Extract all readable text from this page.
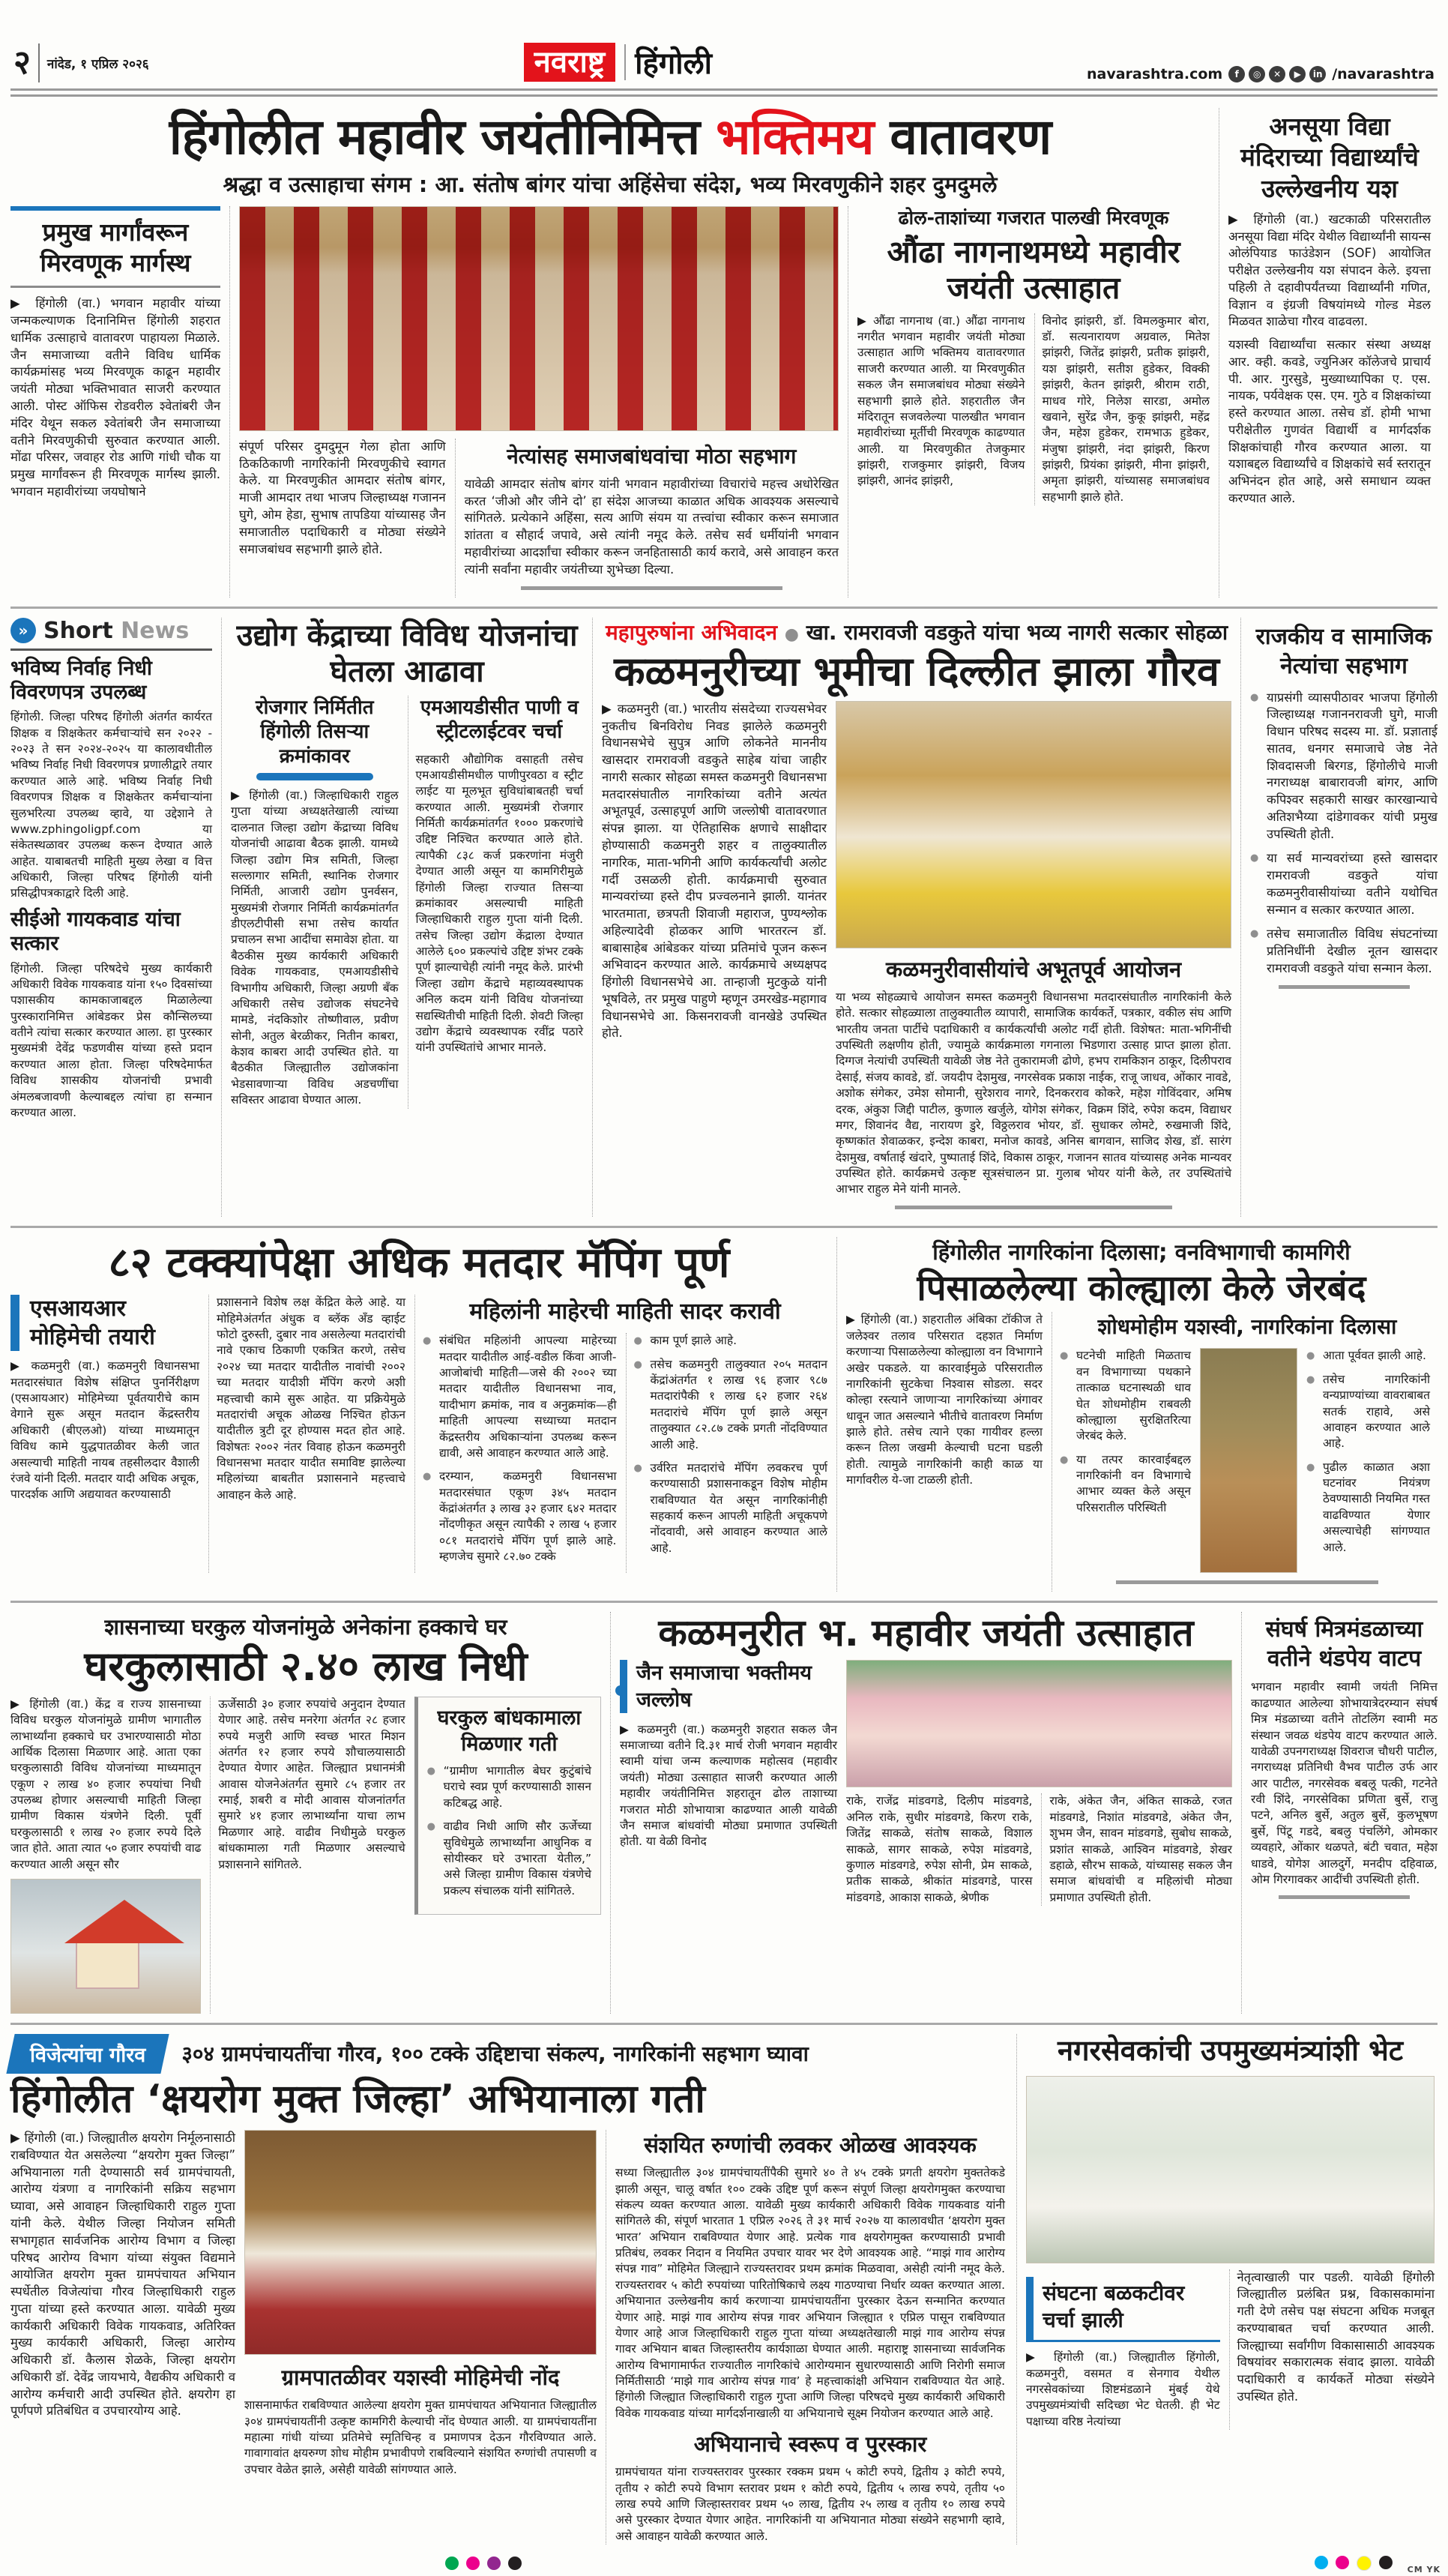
२ नांदेड, १ एप्रिल २०२६	नवराष्ट्र	हिंगोली	navarashtra.com	f	◎	✕	▶	in /navarashtra
हिंगोलीत महावीर जयंतीनिमित्त भक्तिमय वातावरण
श्रद्धा व उत्साहाचा संगम : आ. संतोष बांगर यांचा अहिंसेचा संदेश, भव्य मिरवणुकीने शहर दुमदुमले
प्रमुख मार्गांवरून मिरवणूक मार्गस्थ
▶ हिंगोली (वा.) भगवान महावीर यांच्या जन्मकल्याणक दिनानिमित्त हिंगोली शहरात धार्मिक उत्साहाचे वातावरण पाहायला मिळाले. जैन समाजाच्या वतीने विविध धार्मिक कार्यक्रमांसह भव्य मिरवणूक काढून महावीर जयंती मोठ्या भक्तिभावात साजरी करण्यात आली. पोस्ट ऑफिस रोडवरील श्वेतांबरी जैन मंदिर येथून सकल श्वेतांबरी जैन समाजाच्या वतीने मिरवणुकीची सुरुवात करण्यात आली. मोंढा परिसर, जवाहर रोड आणि गांधी चौक या प्रमुख मार्गांवरून ही मिरवणूक मार्गस्थ झाली. भगवान महावीरांच्या जयघोषाने
संपूर्ण परिसर दुमदुमून गेला होता आणि ठिकठिकाणी नागरिकांनी मिरवणुकीचे स्वागत केले. या मिरवणुकीत आमदार संतोष बांगर, माजी आमदार तथा भाजप जिल्हाध्यक्ष गजानन घुगे, ओम हेडा, सुभाष तापडिया यांच्यासह जैन समाजातील पदाधिकारी व मोठ्या संख्येने समाजबांधव सहभागी झाले होते.
नेत्यांसह समाजबांधवांचा मोठा सहभाग
यावेळी आमदार संतोष बांगर यांनी भगवान महावीरांच्या विचारांचे महत्त्व अधोरेखित करत ‘जीओ और जीने दो’ हा संदेश आजच्या काळात अधिक आवश्यक असल्याचे सांगितले. प्रत्येकाने अहिंसा, सत्य आणि संयम या तत्त्वांचा स्वीकार करून समाजात शांतता व सौहार्द जपावे, असे त्यांनी नमूद केले. तसेच सर्व धर्मीयांनी भगवान महावीरांच्या आदर्शांचा स्वीकार करून जनहितासाठी कार्य करावे, असे आवाहन करत त्यांनी सर्वांना महावीर जयंतीच्या शुभेच्छा दिल्या.
ढोल-ताशांच्या गजरात पालखी मिरवणूक
औंढा नागनाथमध्ये महावीर जयंती उत्साहात
▶ औंढा नागनाथ (वा.) औंढा नागनाथ नगरीत भगवान महावीर जयंती मोठ्या उत्साहात आणि भक्तिमय वातावरणात साजरी करण्यात आली. या मिरवणुकीत सकल जैन समाजबांधव मोठ्या संख्येने सहभागी झाले होते. शहरातील जैन मंदिरातून सजवलेल्या पालखीत भगवान महावीरांच्या मूर्तीची मिरवणूक काढण्यात आली. या मिरवणुकीत तेजकुमार झांझरी, राजकुमार झांझरी, विजय झांझरी, आनंद झांझरी,
विनोद झांझरी, डॉ. विमलकुमार बोरा, डॉ. सत्यनारायण अग्रवाल, मितेश झांझरी, जितेंद्र झांझरी, प्रतीक झांझरी, यश झांझरी, सतीश हुडेकर, विक्की झांझरी, केतन झांझरी, श्रीराम राठी, माधव गोरे, निलेश सारडा, अमोल खवाने, सुरेंद्र जैन, कुकू झांझरी, महेंद्र जैन, महेश हुडेकर, रामभाऊ हुडेकर, मंजुषा झांझरी, नंदा झांझरी, किरण झांझरी, प्रियंका झांझरी, मीना झांझरी, अमृता झांझरी, यांच्यासह समाजबांधव सहभागी झाले होते.
अनसूया विद्या मंदिराच्या विद्यार्थ्यांचे उल्लेखनीय यश

▶ हिंगोली (वा.) खटकाळी परिसरातील अनसूया विद्या मंदिर येथील विद्यार्थ्यांनी सायन्स ओलंपियाड फाउंडेशन (SOF) आयोजित परीक्षेत उल्लेखनीय यश संपादन केले. इयत्ता पहिली ते दहावीपर्यंतच्या विद्यार्थ्यांनी गणित, विज्ञान व इंग्रजी विषयांमध्ये गोल्ड मेडल मिळवत शाळेचा गौरव वाढवला.

यशस्वी विद्यार्थ्यांचा सत्कार संस्था अध्यक्ष आर. क्ही. कवडे, ज्युनिअर कॉलेजचे प्राचार्य पी. आर. गुरसुडे, मुख्याध्यापिका ए. एस. नायक, पर्यवेक्षक एस. एम. गुठे व शिक्षकांच्या हस्ते करण्यात आला. तसेच डॉ. होमी भाभा परीक्षेतील गुणवंत विद्यार्थी व मार्गदर्शक शिक्षकांचाही गौरव करण्यात आला. या यशाबद्दल विद्यार्थ्यांचे व शिक्षकांचे सर्व स्तरातून अभिनंदन होत आहे, असे समाधान व्यक्त करण्यात आले.

» Short News
भविष्य निर्वाह निधी विवरणपत्र उपलब्ध
हिंगोली. जिल्हा परिषद हिंगोली अंतर्गत कार्यरत शिक्षक व शिक्षकेतर कर्मचाऱ्यांचे सन २०२२ - २०२३ ते सन २०२४-२०२५ या कालावधीतील भविष्य निर्वाह निधी विवरणपत्र प्रणालीद्वारे तयार करण्यात आले आहे. भविष्य निर्वाह निधी विवरणपत्र शिक्षक व शिक्षकेतर कर्मचाऱ्यांना सुलभरित्या उपलब्ध व्हावे, या उद्देशाने ते www.zphingoligpf.com या संकेतस्थळावर उपलब्ध करून देण्यात आले आहेत. याबाबतची माहिती मुख्य लेखा व वित्त अधिकारी, जिल्हा परिषद हिंगोली यांनी प्रसिद्धीपत्रकाद्वारे दिली आहे.
सीईओ गायकवाड यांचा सत्कार
हिंगोली. जिल्हा परिषदेचे मुख्य कार्यकारी अधिकारी विवेक गायकवाड यांना १५० दिवसांच्या पशासकीय कामकाजाबद्दल मिळालेल्या पुरस्कारानिमित्त आंबेडकर प्रेस कौन्सिलच्या वतीने त्यांचा सत्कार करण्यात आला. हा पुरस्कार मुख्यमंत्री देवेंद्र फडणवीस यांच्या हस्ते प्रदान करण्यात आला होता. जिल्हा परिषदेमार्फत विविध शासकीय योजनांची प्रभावी अंमलबजावणी केल्याबद्दल त्यांचा हा सन्मान करण्यात आला.
उद्योग केंद्राच्या विविध योजनांचा घेतला आढावा
रोजगार निर्मितीत हिंगोली तिसऱ्या क्रमांकावर
▶ हिंगोली (वा.) जिल्हाधिकारी राहुल गुप्ता यांच्या अध्यक्षतेखाली त्यांच्या दालनात जिल्हा उद्योग केंद्राच्या विविध योजनांची आढावा बैठक झाली. यामध्ये जिल्हा उद्योग मित्र समिती, जिल्हा सल्लागार समिती, स्थानिक रोजगार निर्मिती, आजारी उद्योग पुनर्वसन, मुख्यमंत्री रोजगार निर्मिती कार्यक्रमांतर्गत डीएलटीपीसी सभा तसेच कार्यात प्रचालन सभा आदींचा समावेश होता. या बैठकीस मुख्य कार्यकारी अधिकारी विवेक गायकवाड, एमआयडीसीचे विभागीय अधिकारी, जिल्हा अग्रणी बँक अधिकारी तसेच उद्योजक संघटनेचे मामडे, नंदकिशोर तोष्णीवाल, प्रवीण सोनी, अतुल बेरळीकर, नितीन काबरा, केशव काबरा आदी उपस्थित होते. या बैठकीत जिल्ह्यातील उद्योजकांना भेडसावणाऱ्या विविध अडचणींचा सविस्तर आढावा घेण्यात आला.
एमआयडीसीत पाणी व स्ट्रीटलाईटवर चर्चा
सहकारी औद्योगिक वसाहती तसेच एमआयडीसीमधील पाणीपुरवठा व स्ट्रीट लाईट या मूलभूत सुविधांबाबतही चर्चा करण्यात आली. मुख्यमंत्री रोजगार निर्मिती कार्यक्रमांतर्गत १००० प्रकरणांचे उद्दिष्ट निश्चित करण्यात आले होते. त्यापैकी ८३८ कर्ज प्रकरणांना मंजुरी देण्यात आली असून या कामगिरीमुळे हिंगोली जिल्हा राज्यात तिसऱ्या क्रमांकावर असल्याची माहिती जिल्हाधिकारी राहुल गुप्ता यांनी दिली. तसेच जिल्हा उद्योग केंद्राला देण्यात आलेले ६०० प्रकल्पांचे उद्दिष्ट शंभर टक्के पूर्ण झाल्याचेही त्यांनी नमूद केले. प्रारंभी जिल्हा उद्योग केंद्राचे महाव्यवस्थापक अनिल कदम यांनी विविध योजनांच्या सद्यस्थितीची माहिती दिली. शेवटी जिल्हा उद्योग केंद्राचे व्यवस्थापक रवींद्र पठारे यांनी उपस्थितांचे आभार मानले.
महापुरुषांना अभिवादन ● खा. रामरावजी वडकुते यांचा भव्य नागरी सत्कार सोहळा
कळमनुरीच्या भूमीचा दिल्लीत झाला गौरव
▶ कळमनुरी (वा.) भारतीय संसदेच्या राज्यसभेवर नुकतीच बिनविरोध निवड झालेले कळमनुरी विधानसभेचे सुपुत्र आणि लोकनेते माननीय खासदार रामरावजी वडकुते साहेब यांचा जाहीर नागरी सत्कार सोहळा समस्त कळमनुरी विधानसभा मतदारसंघातील नागरिकांच्या वतीने अत्यंत अभूतपूर्व, उत्साहपूर्ण आणि जल्लोषी वातावरणात संपन्न झाला. या ऐतिहासिक क्षणाचे साक्षीदार होण्यासाठी कळमनुरी शहर व तालुक्यातील नागरिक, माता-भगिनी आणि कार्यकर्त्यांची अलोट गर्दी उसळली होती. कार्यक्रमाची सुरुवात मान्यवरांच्या हस्ते दीप प्रज्वलनाने झाली. यानंतर भारतमाता, छत्रपती शिवाजी महाराज, पुण्यश्लोक अहिल्यादेवी होळकर आणि भारतरत्न डॉ. बाबासाहेब आंबेडकर यांच्या प्रतिमांचे पूजन करून अभिवादन करण्यात आले. कार्यक्रमाचे अध्यक्षपद हिंगोली विधानसभेचे आ. तान्हाजी मुटकुळे यांनी भूषविले, तर प्रमुख पाहुणे म्हणून उमरखेड-महागाव विधानसभेचे आ. किसनरावजी वानखेडे उपस्थित होते.
कळमनुरीवासीयांचे अभूतपूर्व आयोजन
या भव्य सोहळ्याचे आयोजन समस्त कळमनुरी विधानसभा मतदारसंघातील नागरिकांनी केले होते. सत्कार सोहळ्याला तालुक्यातील व्यापारी, सामाजिक कार्यकर्ते, पत्रकार, वकील संघ आणि भारतीय जनता पार्टीचे पदाधिकारी व कार्यकर्त्यांची अलोट गर्दी होती. विशेषत: माता-भगिनींची उपस्थिती लक्षणीय होती, ज्यामुळे कार्यक्रमाला गगनाला भिडणारा उत्साह प्राप्त झाला होता. दिग्गज नेत्यांची उपस्थिती यावेळी जेष्ठ नेते तुकारामजी ढोणे, हभप रामकिशन ठाकूर, दिलीपराव देसाई, संजय कावडे, डॉ. जयदीप देशमुख, नगरसेवक प्रकाश नाईक, राजू जाधव, ओंकार नावडे, अशोक संगेकर, उमेश सोमानी, सुरेशराव नागरे, दिनकरराव कोकरे, महेश गोविंदवार, अमिष दरक, अंकुश जिद्दी पाटील, कुणाल खर्जुले, योगेश संगेकर, विक्रम शिंदे, रुपेश कदम, विद्याधर मगर, शिवानंद वैद्य, नारायण डुरे, विठ्ठलराव भोयर, डॉ. सुधाकर लोमटे, रुखमाजी शिंदे, कृष्णकांत शेवाळकर, इन्देश काबरा, मनोज कावडे, अनिस बागवान, साजिद शेख, डॉ. सारंग देशमुख, वर्षाताई खंदारे, पुष्पाताई शिंदे, विकास ठाकूर, गजानन सातव यांच्यासह अनेक मान्यवर उपस्थित होते. कार्यक्रमचे उत्कृष्ट सूत्रसंचालन प्रा. गुलाब भोयर यांनी केले, तर उपस्थितांचे आभार राहुल मेने यांनी मानले.
राजकीय व सामाजिक नेत्यांचा सहभाग
● याप्रसंगी व्यासपीठावर भाजपा हिंगोली जिल्हाध्यक्ष गजाननरावजी घुगे, माजी विधान परिषद सदस्य मा. डॉ. प्रज्ञाताई सातव, धनगर समाजाचे जेष्ठ नेते शिवदासजी बिरगड, हिंगोलीचे माजी नगराध्यक्ष बाबारावजी बांगर, आणि कपिश्वर सहकारी साखर कारखान्याचे अतिशभैय्या दांडेगावकर यांची प्रमुख उपस्थिती होती.
● या सर्व मान्यवरांच्या हस्ते खासदार रामरावजी वडकुते यांचा कळमनुरीवासीयांच्या वतीने यथोचित सन्मान व सत्कार करण्यात आला.
● तसेच समाजातील विविध संघटनांच्या प्रतिनिधींनी देखील नूतन खासदार रामरावजी वडकुते यांचा सन्मान केला.
८२ टक्क्यांपेक्षा अधिक मतदार मॅपिंग पूर्ण
एसआयआर मोहिमेची तयारी
▶ कळमनुरी (वा.) कळमनुरी विधानसभा मतदारसंघात विशेष संक्षिप्त पुनर्निरीक्षण (एसआयआर) मोहिमेच्या पूर्वतयारीचे काम वेगाने सुरू असून मतदान केंद्रस्तरीय अधिकारी (बीएलओ) यांच्या माध्यमातून विविध कामे युद्धपातळीवर केली जात असल्याची माहिती नायब तहसीलदार वैशाली रंजवे यांनी दिली. मतदार यादी अधिक अचूक, पारदर्शक आणि अद्ययावत करण्यासाठी
प्रशासनाने विशेष लक्ष केंद्रित केले आहे. या मोहिमेअंतर्गत अंधुक व ब्लॅक अँड व्हाईट फोटो दुरुस्ती, दुबार नाव असलेल्या मतदारांची नावे एकाच ठिकाणी एकत्रित करणे, तसेच २०२४ च्या मतदार यादीतील नावांची २००२ च्या मतदार यादीशी मॅपिंग करणे अशी महत्त्वाची कामे सुरू आहेत. या प्रक्रियेमुळे मतदारांची अचूक ओळख निश्चित होऊन यादीतील त्रुटी दूर होण्यास मदत होत आहे. विशेषतः २००२ नंतर विवाह होऊन कळमनुरी विधानसभा मतदार यादीत समाविष्ट झालेल्या महिलांच्या बाबतीत प्रशासनाने महत्त्वाचे आवाहन केले आहे.
महिलांनी माहेरची माहिती सादर करावी
● संबंधित महिलांनी आपल्या माहेरच्या मतदार यादीतील आई-वडील किंवा आजी-आजोबांची माहिती—जसे की २००२ च्या मतदार यादीतील विधानसभा नाव, यादीभाग क्रमांक, नाव व अनुक्रमांक—ही माहिती आपल्या सध्याच्या मतदान केंद्रस्तरीय अधिकाऱ्यांना उपलब्ध करून द्यावी, असे आवाहन करण्यात आले आहे.
● दरम्यान, कळमनुरी विधानसभा मतदारसंघात एकूण ३४५ मतदान केंद्रांअंतर्गत ३ लाख ३२ हजार ६४२ मतदार नोंदणीकृत असून त्यापैकी २ लाख ५ हजार ०८१ मतदारांचे मॅपिंग पूर्ण झाले आहे. म्हणजेच सुमारे ८२.७० टक्के
● काम पूर्ण झाले आहे.
● तसेच कळमनुरी तालुक्यात २०५ मतदान केंद्रांअंतर्गत १ लाख ९६ हजार ९८७ मतदारांपैकी १ लाख ६२ हजार २६४ मतदारांचे मॅपिंग पूर्ण झाले असून तालुक्यात ८२.८७ टक्के प्रगती नोंदविण्यात आली आहे.
● उर्वरित मतदारांचे मॅपिंग लवकरच पूर्ण करण्यासाठी प्रशासनाकडून विशेष मोहीम राबविण्यात येत असून नागरिकांनीही सहकार्य करून आपली माहिती अचूकपणे नोंदवावी, असे आवाहन करण्यात आले आहे.
हिंगोलीत नागरिकांना दिलासा; वनविभागाची कामगिरी
पिसाळलेल्या कोल्ह्याला केले जेरबंद
▶ हिंगोली (वा.) शहरातील अंबिका टॉकीज ते जलेश्वर तलाव परिसरात दहशत निर्माण करणाऱ्या पिसाळलेल्या कोल्ह्याला वन विभागाने अखेर पकडले. या कारवाईमुळे परिसरातील नागरिकांनी सुटकेचा निश्वास सोडला. सदर कोल्हा रस्त्याने जाणाऱ्या नागरिकांच्या अंगावर धावून जात असल्याने भीतीचे वातावरण निर्माण झाले होते. तसेच त्याने एका गायीवर हल्ला करून तिला जखमी केल्याची घटना घडली होती. त्यामुळे नागरिकांनी काही काळ या मार्गावरील ये-जा टाळली होती.
शोधमोहीम यशस्वी, नागरिकांना दिलासा
● घटनेची माहिती मिळताच वन विभागाच्या पथकाने तात्काळ घटनास्थळी धाव घेत शोधमोहीम राबवली कोल्ह्याला सुरक्षितरित्या जेरबंद केले.
● या तत्पर कारवाईबद्दल नागरिकांनी वन विभागाचे आभार व्यक्त केले असून परिसरातील परिस्थिती
● आता पूर्ववत झाली आहे.
● तसेच नागरिकांनी वन्यप्राण्यांच्या वावराबाबत सतर्क राहावे, असे आवाहन करण्यात आले आहे.
● पुढील काळात अशा घटनांवर नियंत्रण ठेवण्यासाठी नियमित गस्त वाढविण्यात येणार असल्याचेही सांगण्यात आले.
शासनाच्या घरकुल योजनांमुळे अनेकांना हक्काचे घर
घरकुलासाठी २.४० लाख निधी
▶ हिंगोली (वा.) केंद्र व राज्य शासनाच्या विविध घरकुल योजनांमुळे ग्रामीण भागातील लाभार्थ्यांना हक्काचे घर उभारण्यासाठी मोठा आर्थिक दिलासा मिळणार आहे. आता एका घरकुलासाठी विविध योजनांच्या माध्यमातून एकूण २ लाख ४० हजार रुपयांचा निधी उपलब्ध होणार असल्याची माहिती जिल्हा ग्रामीण विकास यंत्रणेने दिली. पूर्वी घरकुलासाठी १ लाख २० हजार रुपये दिले जात होते. आता त्यात ५० हजार रुपयांची वाढ करण्यात आली असून सौर
ऊर्जेसाठी ३० हजार रुपयांचे अनुदान देण्यात येणार आहे. तसेच मनरेगा अंतर्गत २८ हजार रुपये मजुरी आणि स्वच्छ भारत मिशन अंतर्गत १२ हजार रुपये शौचालयासाठी देण्यात येणार आहेत. जिल्ह्यात प्रधानमंत्री आवास योजनेअंतर्गत सुमारे ८५ हजार तर रमाई, शबरी व मोदी आवास योजनांतर्गत सुमारे ४१ हजार लाभार्थ्यांना याचा लाभ मिळणार आहे. वाढीव निधीमुळे घरकुल बांधकामाला गती मिळणार असल्याचे प्रशासनाने सांगितले.
घरकुल बांधकामाला मिळणार गती
● “ग्रामीण भागातील बेघर कुटुंबांचे घराचे स्वप्न पूर्ण करण्यासाठी शासन कटिबद्ध आहे.
● वाढीव निधी आणि सौर ऊर्जेच्या सुविधेमुळे लाभार्थ्यांना आधुनिक व सोयीस्कर घरे उभारता येतील,” असे जिल्हा ग्रामीण विकास यंत्रणेचे प्रकल्प संचालक यांनी सांगितले.
कळमनुरीत भ. महावीर जयंती उत्साहात
जैन समाजाचा भक्तीमय जल्लोष
▶ कळमनुरी (वा.) कळमनुरी शहरात सकल जैन समाजाच्या वतीने दि.३१ मार्च रोजी भगवान महावीर स्वामी यांचा जन्म कल्याणक महोत्सव (महावीर जयंती) मोठ्या उत्साहात साजरी करण्यात आली महावीर जयंतीनिमित्त शहरातून ढोल ताशाच्या गजरात मोठी शोभायात्रा काढण्यात आली यावेळी जैन समाज बांधवांची मोठ्या प्रमाणात उपस्थिती होती. या वेळी विनोद
राके, राजेंद्र मांडवगडे, दिलीप मांडवगडे, अनिल राके, सुधीर मांडवगडे, किरण राके, जितेंद्र साकळे, संतोष साकळे, विशाल साकळे, सागर साकळे, रुपेश मांडवगडे, कुणाल मांडवगडे, रुपेश सोनी, प्रेम साकळे, प्रतीक साकळे, श्रीकांत मांडवगडे, पारस मांडवगडे, आकाश साकळे, श्रेणीक
राके, अंकेत जैन, अंकित साकळे, रजत मांडवगडे, निशांत मांडवगडे, अंकेत जैन, शुभम जैन, सावन मांडवगडे, सुबोध साकळे, प्रशांत साकळे, आश्विन मांडवगडे, शेखर डहाळे, सौरभ साकळे, यांच्यासह सकल जैन समाज बांधवांची व महिलांची मोठ्या प्रमाणात उपस्थिती होती.
संघर्ष मित्रमंडळाच्या वतीने थंडपेय वाटप
भगवान महावीर स्वामी जयंती निमित्त काढण्यात आलेल्या शोभायात्रेदरम्यान संघर्ष मित्र मंडळाच्या वतीने तोटलिंग स्वामी मठ संस्थान जवळ थंडपेय वाटप करण्यात आले. यावेळी उपनगराध्यक्ष शिवराज चौधरी पाटील, नगराध्यक्ष प्रतिनिधी वैभव पाटील उर्फ आर आर पाटील, नगरसेवक बबलू पत्की, गटनेते रवी शिंदे, नगरसेविका प्रणिता बुर्से, राजु पटने, अनिल बुर्से, अतुल बुर्से, कुलभूषण बुर्से, पिंटू गडदे, बबलु पंचलिंगे, ओमकार व्यवहारे, ओंकार थळपते, बंटी चवात, महेश धाडवे, योगेश आलदुर्गे, मनदीप दहिवाळ, ओम गिरगावकर आदींची उपस्थिती होती.
विजेत्यांचा गौरव	३०४ ग्रामपंचायतींचा गौरव, १०० टक्के उद्दिष्टाचा संकल्प, नागरिकांनी सहभाग घ्यावा
हिंगोलीत ‘क्षयरोग मुक्त जिल्हा’ अभियानाला गती
▶ हिंगोली (वा.) जिल्ह्यातील क्षयरोग निर्मूलनासाठी राबविण्यात येत असलेल्या “क्षयरोग मुक्त जिल्हा” अभियानाला गती देण्यासाठी सर्व ग्रामपंचायती, आरोग्य यंत्रणा व नागरिकांनी सक्रिय सहभाग घ्यावा, असे आवाहन जिल्हाधिकारी राहुल गुप्ता यांनी केले. येथील जिल्हा नियोजन समिती सभागृहात सार्वजनिक आरोग्य विभाग व जिल्हा परिषद आरोग्य विभाग यांच्या संयुक्त विद्यमाने आयोजित क्षयरोग मुक्त ग्रामपंचायत अभियान स्पर्धेतील विजेत्यांचा गौरव जिल्हाधिकारी राहुल गुप्ता यांच्या हस्ते करण्यात आला. यावेळी मुख्य कार्यकारी अधिकारी विवेक गायकवाड, अतिरिक्त मुख्य कार्यकारी अधिकारी, जिल्हा आरोग्य अधिकारी डॉ. कैलास शेळके, जिल्हा क्षयरोग अधिकारी डॉ. देवेंद्र जायभाये, वैद्यकीय अधिकारी व आरोग्य कर्मचारी आदी उपस्थित होते. क्षयरोग हा पूर्णपणे प्रतिबंधित व उपचारयोग्य आहे.
ग्रामपातळीवर यशस्वी मोहिमेची नोंद
शासनामार्फत राबविण्यात आलेल्या क्षयरोग मुक्त ग्रामपंचायत अभियानात जिल्ह्यातील ३०४ ग्रामपंचायतींनी उत्कृष्ट कामगिरी केल्याची नोंद घेण्यात आली. या ग्रामपंचायतींना महात्मा गांधी यांच्या प्रतिमेचे स्मृतिचिन्ह व प्रमाणपत्र देऊन गौरविण्यात आले. गावागावांत क्षयरुग्ण शोध मोहीम प्रभावीपणे राबविल्याने संशयित रुग्णांची तपासणी व उपचार वेळेत झाले, असेही यावेळी सांगण्यात आले.
संशयित रुग्णांची लवकर ओळख आवश्यक
सध्या जिल्ह्यातील ३०४ ग्रामपंचायतींपैकी सुमारे ४० ते ४५ टक्के प्रगती क्षयरोग मुक्ततेकडे झाली असून, चालू वर्षात १०० टक्के उद्दिष्ट पूर्ण करून संपूर्ण जिल्हा क्षयरोगमुक्त करण्याचा संकल्प व्यक्त करण्यात आला. यावेळी मुख्य कार्यकारी अधिकारी विवेक गायकवाड यांनी सांगितले की, संपूर्ण भारतात 1 एप्रिल २०२६ ते ३१ मार्च २०२७ या कालावधीत ‘क्षयरोग मुक्त भारत’ अभियान राबविण्यात येणार आहे. प्रत्येक गाव क्षयरोगमुक्त करण्यासाठी प्रभावी प्रतिबंध, लवकर निदान व नियमित उपचार यावर भर देणे आवश्यक आहे. “माझं गाव आरोग्य संपन्न गाव” मोहिमेत जिल्ह्याने राज्यस्तरावर प्रथम क्रमांक मिळवावा, असेही त्यांनी नमूद केले. राज्यस्तरावर ५ कोटी रुपयांच्या पारितोषिकाचे लक्ष्य गाठण्याचा निर्धार व्यक्त करण्यात आला. अभियानात उल्लेखनीय कार्य करणाऱ्या ग्रामपंचायतींना पुरस्कार देऊन सन्मानित करण्यात येणार आहे. माझं गाव आरोग्य संपन्न गावर अभियान जिल्ह्यात १ एप्रिल पासून राबविण्यात येणार आहे आज जिल्हाधिकारी राहुल गुप्ता यांच्या अध्यक्षतेखाली माझं गाव आरोग्य संपन्न गावर अभियान बाबत जिल्हास्तरीय कार्यशाळा घेण्यात आली. महाराष्ट्र शासनाच्या सार्वजनिक आरोग्य विभागामार्फत राज्यातील नागरिकांचे आरोग्यमान सुधारण्यासाठी आणि निरोगी समाज निर्मितीसाठी ‘माझे गाव आरोग्य संपन्न गाव’ हे महत्त्वाकांक्षी अभियान राबविण्यात येत आहे. हिंगोली जिल्ह्यात जिल्हाधिकारी राहुल गुप्ता आणि जिल्हा परिषदचे मुख्य कार्यकारी अधिकारी विवेक गायकवाड यांच्या मार्गदर्शनाखाली या अभियानाचे सूक्ष्म नियोजन करण्यात आले आहे.
अभियानाचे स्वरूप व पुरस्कार
ग्रामपंचायत यांना राज्यस्तरावर पुरस्कार रक्कम प्रथम ५ कोटी रुपये, द्वितीय ३ कोटी रुपये, तृतीय २ कोटी रुपये विभाग स्तरावर प्रथम १ कोटी रुपये, द्वितीय ५ लाख रुपये, तृतीय ५० लाख रुपये आणि जिल्हास्तरावर प्रथम ५० लाख, द्वितीय २५ लाख व तृतीय १० लाख रुपये असे पुरस्कार देण्यात येणार आहेत. नागरिकांनी या अभियानात मोठ्या संख्येने सहभागी व्हावे, असे आवाहन यावेळी करण्यात आले.
नगरसेवकांची उपमुख्यमंत्र्यांशी भेट
संघटना बळकटीवर चर्चा झाली
▶ हिंगोली (वा.) जिल्ह्यातील हिंगोली, कळमनुरी, वसमत व सेनगाव येथील नगरसेवकांच्या शिष्टमंडळाने मुंबई येथे उपमुख्यमंत्र्यांची सदिच्छा भेट घेतली. ही भेट पक्षाच्या वरिष्ठ नेत्यांच्या
नेतृत्वाखाली पार पडली. यावेळी हिंगोली जिल्ह्यातील प्रलंबित प्रश्न, विकासकामांना गती देणे तसेच पक्ष संघटना अधिक मजबूत करण्याबाबत चर्चा करण्यात आली. जिल्ह्याच्या सर्वांगीण विकासासाठी आवश्यक विषयांवर सकारात्मक संवाद झाला. यावेळी पदाधिकारी व कार्यकर्ते मोठ्या संख्येने उपस्थित होते.
CM YK
